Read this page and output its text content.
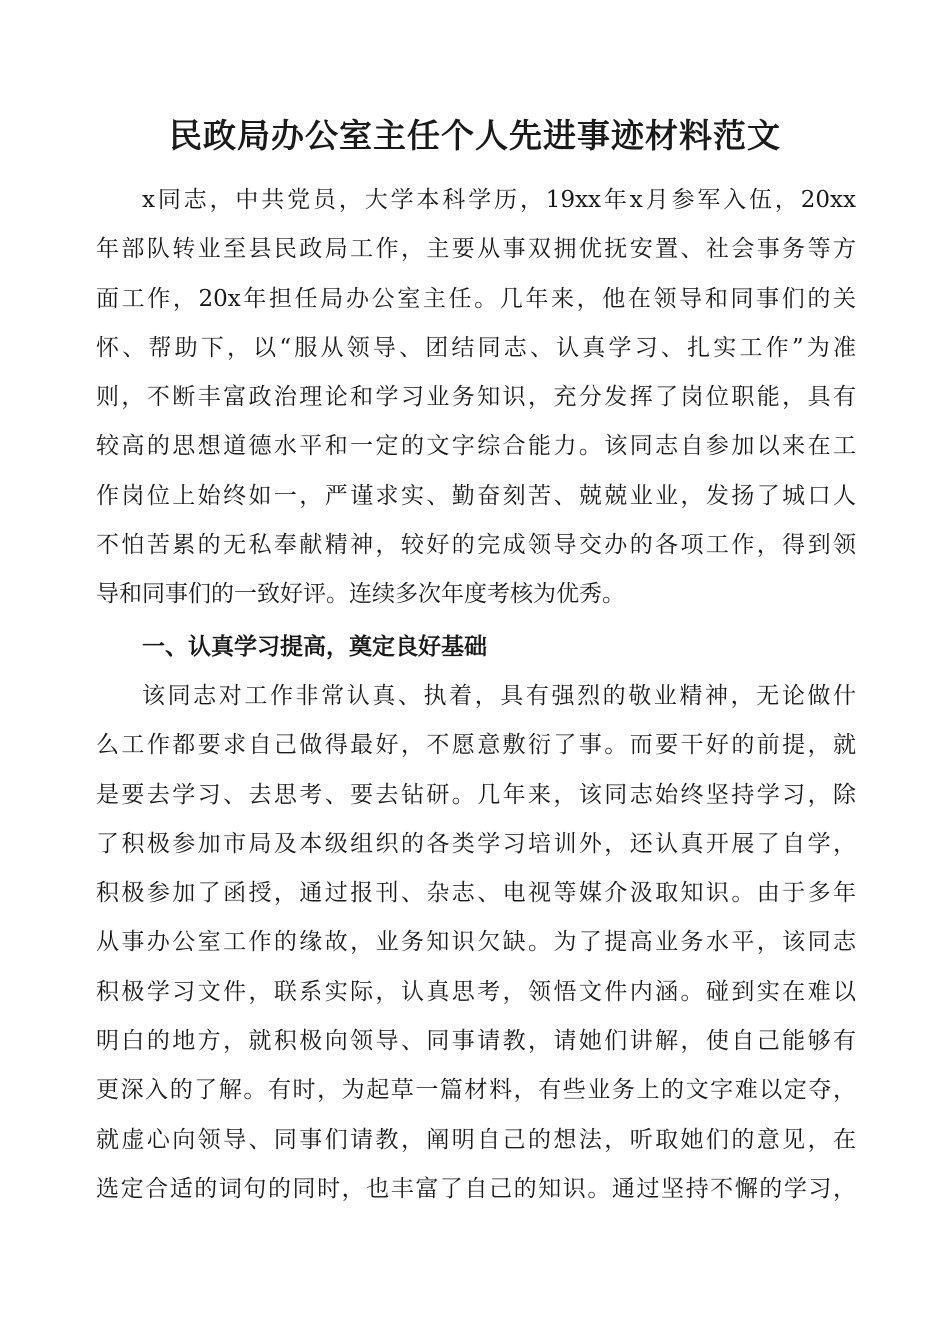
民政局办公室主任个人先进事迹材料范文
x同志，中共党员，大学本科学历，19xx年x月参军入伍，20xx
年部队转业至县民政局工作，主要从事双拥优抚安置、社会事务等方
面工作，20x年担任局办公室主任。几年来，他在领导和同事们的关
怀、帮助下，以“服从领导、团结同志、认真学习、扎实工作”为准
则，不断丰富政治理论和学习业务知识，充分发挥了岗位职能，具有
较高的思想道德水平和一定的文字综合能力。该同志自参加以来在工
作岗位上始终如一，严谨求实、勤奋刻苦、兢兢业业，发扬了城口人
不怕苦累的无私奉献精神，较好的完成领导交办的各项工作，得到领
导和同事们的一致好评。连续多次年度考核为优秀。
一、认真学习提高，奠定良好基础
该同志对工作非常认真、执着，具有强烈的敬业精神，无论做什
么工作都要求自己做得最好，不愿意敷衍了事。而要干好的前提，就
是要去学习、去思考、要去钻研。几年来，该同志始终坚持学习，除
了积极参加市局及本级组织的各类学习培训外，还认真开展了自学，
积极参加了函授，通过报刊、杂志、电视等媒介汲取知识。由于多年
从事办公室工作的缘故，业务知识欠缺。为了提高业务水平，该同志
积极学习文件，联系实际，认真思考，领悟文件内涵。碰到实在难以
明白的地方，就积极向领导、同事请教，请她们讲解，使自己能够有
更深入的了解。有时，为起草一篇材料，有些业务上的文字难以定夺，
就虚心向领导、同事们请教，阐明自己的想法，听取她们的意见，在
选定合适的词句的同时，也丰富了自己的知识。通过坚持不懈的学习，
